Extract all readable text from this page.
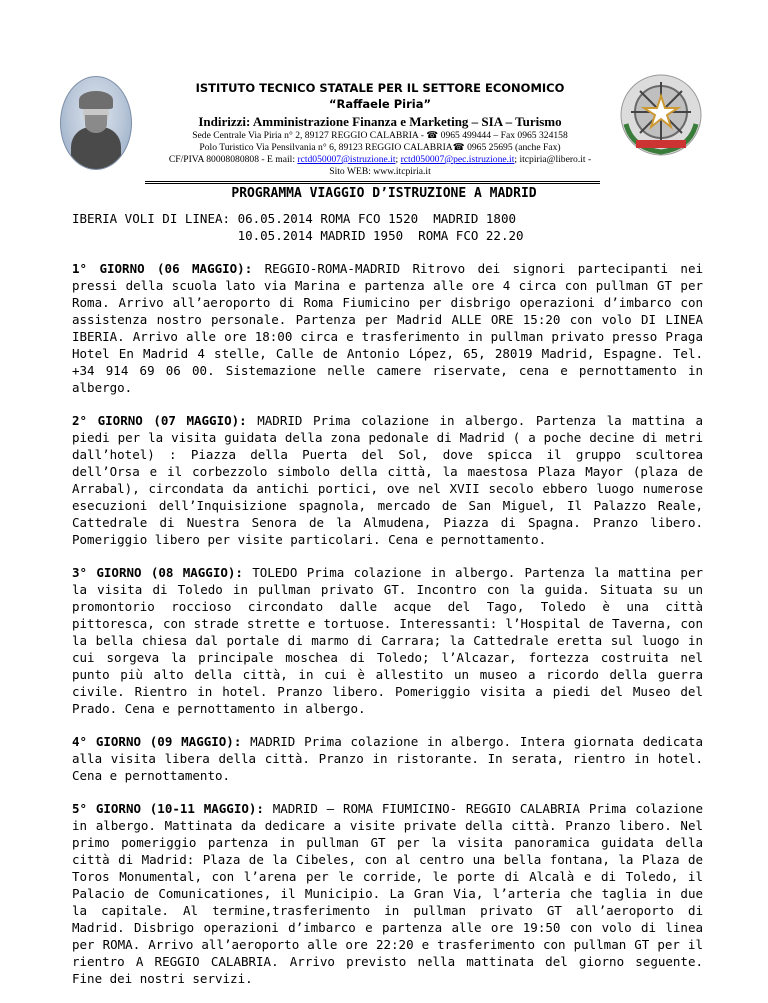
ISTITUTO TECNICO STATALE PER IL SETTORE ECONOMICO
“Raffaele Piria”
Indirizzi: Amministrazione Finanza e Marketing – SIA – Turismo
Sede Centrale Via Piria n° 2, 89127 REGGIO CALABRIA - ☎ 0965 499444 – Fax 0965 324158
Polo Turistico Via Pensilvania n° 6, 89123 REGGIO CALABRIA☎ 0965 25695 (anche Fax)
CF/PIVA 80008080808 - E mail: rctd050007@istruzione.it; rctd050007@pec.istruzione.it; itcpiria@libero.it -
Sito WEB: www.itcpiria.it
PROGRAMMA VIAGGIO D’ISTRUZIONE A MADRID
IBERIA VOLI DI LINEA: 06.05.2014 ROMA FCO 1520  MADRID 1800
10.05.2014 MADRID 1950  ROMA FCO 22.20

1° GIORNO (06 MAGGIO): REGGIO-ROMA-MADRID Ritrovo dei signori partecipanti nei pressi della scuola lato via Marina e partenza alle ore 4 circa con pullman GT per Roma. Arrivo all’aeroporto di Roma Fiumicino per disbrigo operazioni d’imbarco con assistenza nostro personale. Partenza per Madrid ALLE ORE 15:20 con volo DI LINEA IBERIA. Arrivo alle ore 18:00 circa e trasferimento in pullman privato presso Praga Hotel En Madrid 4 stelle, Calle de Antonio López, 65, 28019 Madrid, Espagne. Tel. +34 914 69 06 00. Sistemazione nelle camere riservate, cena e pernottamento in albergo.

2° GIORNO (07 MAGGIO): MADRID Prima colazione in albergo. Partenza la mattina a piedi per la visita guidata della zona pedonale di Madrid ( a poche decine di metri dall’hotel) : Piazza della Puerta del Sol, dove spicca il gruppo scultorea dell’Orsa e il corbezzolo simbolo della città, la maestosa Plaza Mayor (plaza de Arrabal), circondata da antichi portici, ove nel XVII secolo ebbero luogo numerose esecuzioni dell’Inquisizione spagnola, mercado de San Miguel, Il Palazzo Reale, Cattedrale di Nuestra Senora de la Almudena, Piazza di Spagna. Pranzo libero. Pomeriggio libero per visite particolari. Cena e pernottamento.

3° GIORNO (08 MAGGIO): TOLEDO Prima colazione in albergo. Partenza la mattina per la visita di Toledo in pullman privato GT. Incontro con la guida. Situata su un promontorio roccioso circondato dalle acque del Tago, Toledo è una città pittoresca, con strade strette e tortuose. Interessanti: l’Hospital de Taverna, con la bella chiesa dal portale di marmo di Carrara; la Cattedrale eretta sul luogo in cui sorgeva la principale moschea di Toledo; l’Alcazar, fortezza costruita nel punto più alto della città, in cui è allestito un museo a ricordo della guerra civile. Rientro in hotel. Pranzo libero. Pomeriggio visita a piedi del Museo del Prado. Cena e pernottamento in albergo.

4° GIORNO (09 MAGGIO): MADRID Prima colazione in albergo. Intera giornata dedicata alla visita libera della città. Pranzo in ristorante. In serata, rientro in hotel. Cena e pernottamento.

5° GIORNO (10-11 MAGGIO): MADRID – ROMA FIUMICINO- REGGIO CALABRIA Prima colazione in albergo. Mattinata da dedicare a visite private della città. Pranzo libero. Nel primo pomeriggio partenza in pullman GT per la visita panoramica guidata della città di Madrid: Plaza de la Cibeles, con al centro una bella fontana, la Plaza de Toros Monumental, con l’arena per le corride, le porte di Alcalà e di Toledo, il Palacio de Comunicationes, il Municipio. La Gran Via, l’arteria che taglia in due la capitale. Al termine,trasferimento in pullman privato GT all’aeroporto di Madrid. Disbrigo operazioni d’imbarco e partenza alle ore 19:50 con volo di linea per ROMA. Arrivo all’aeroporto alle ore 22:20 e trasferimento con pullman GT per il rientro A REGGIO CALABRIA. Arrivo previsto nella mattinata del giorno seguente. Fine dei nostri servizi.
